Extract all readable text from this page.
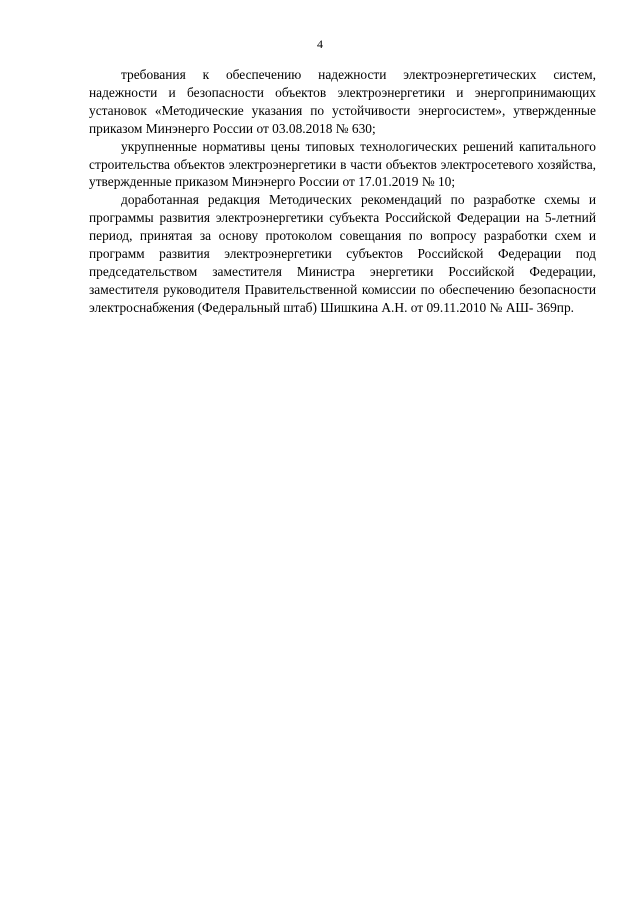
4

требования к обеспечению надежности электроэнергетических систем, надежности и безопасности объектов электроэнергетики и энергопринимающих установок «Методические указания по устойчивости энергосистем», утвержденные приказом Минэнерго России от 03.08.2018 № 630;

укрупненные нормативы цены типовых технологических решений капитального строительства объектов электроэнергетики в части объектов электросетевого хозяйства, утвержденные приказом Минэнерго России от 17.01.2019 № 10;

доработанная редакция Методических рекомендаций по разработке схемы и программы развития электроэнергетики субъекта Российской Федерации на 5-летний период, принятая за основу протоколом совещания по вопросу разработки схем и программ развития электроэнергетики субъектов Российской Федерации под председательством заместителя Министра энергетики Российской Федерации, заместителя руководителя Правительственной комиссии по обеспечению безопасности электроснабжения (Федеральный штаб) Шишкина А.Н. от 09.11.2010 № АШ- 369пр.
